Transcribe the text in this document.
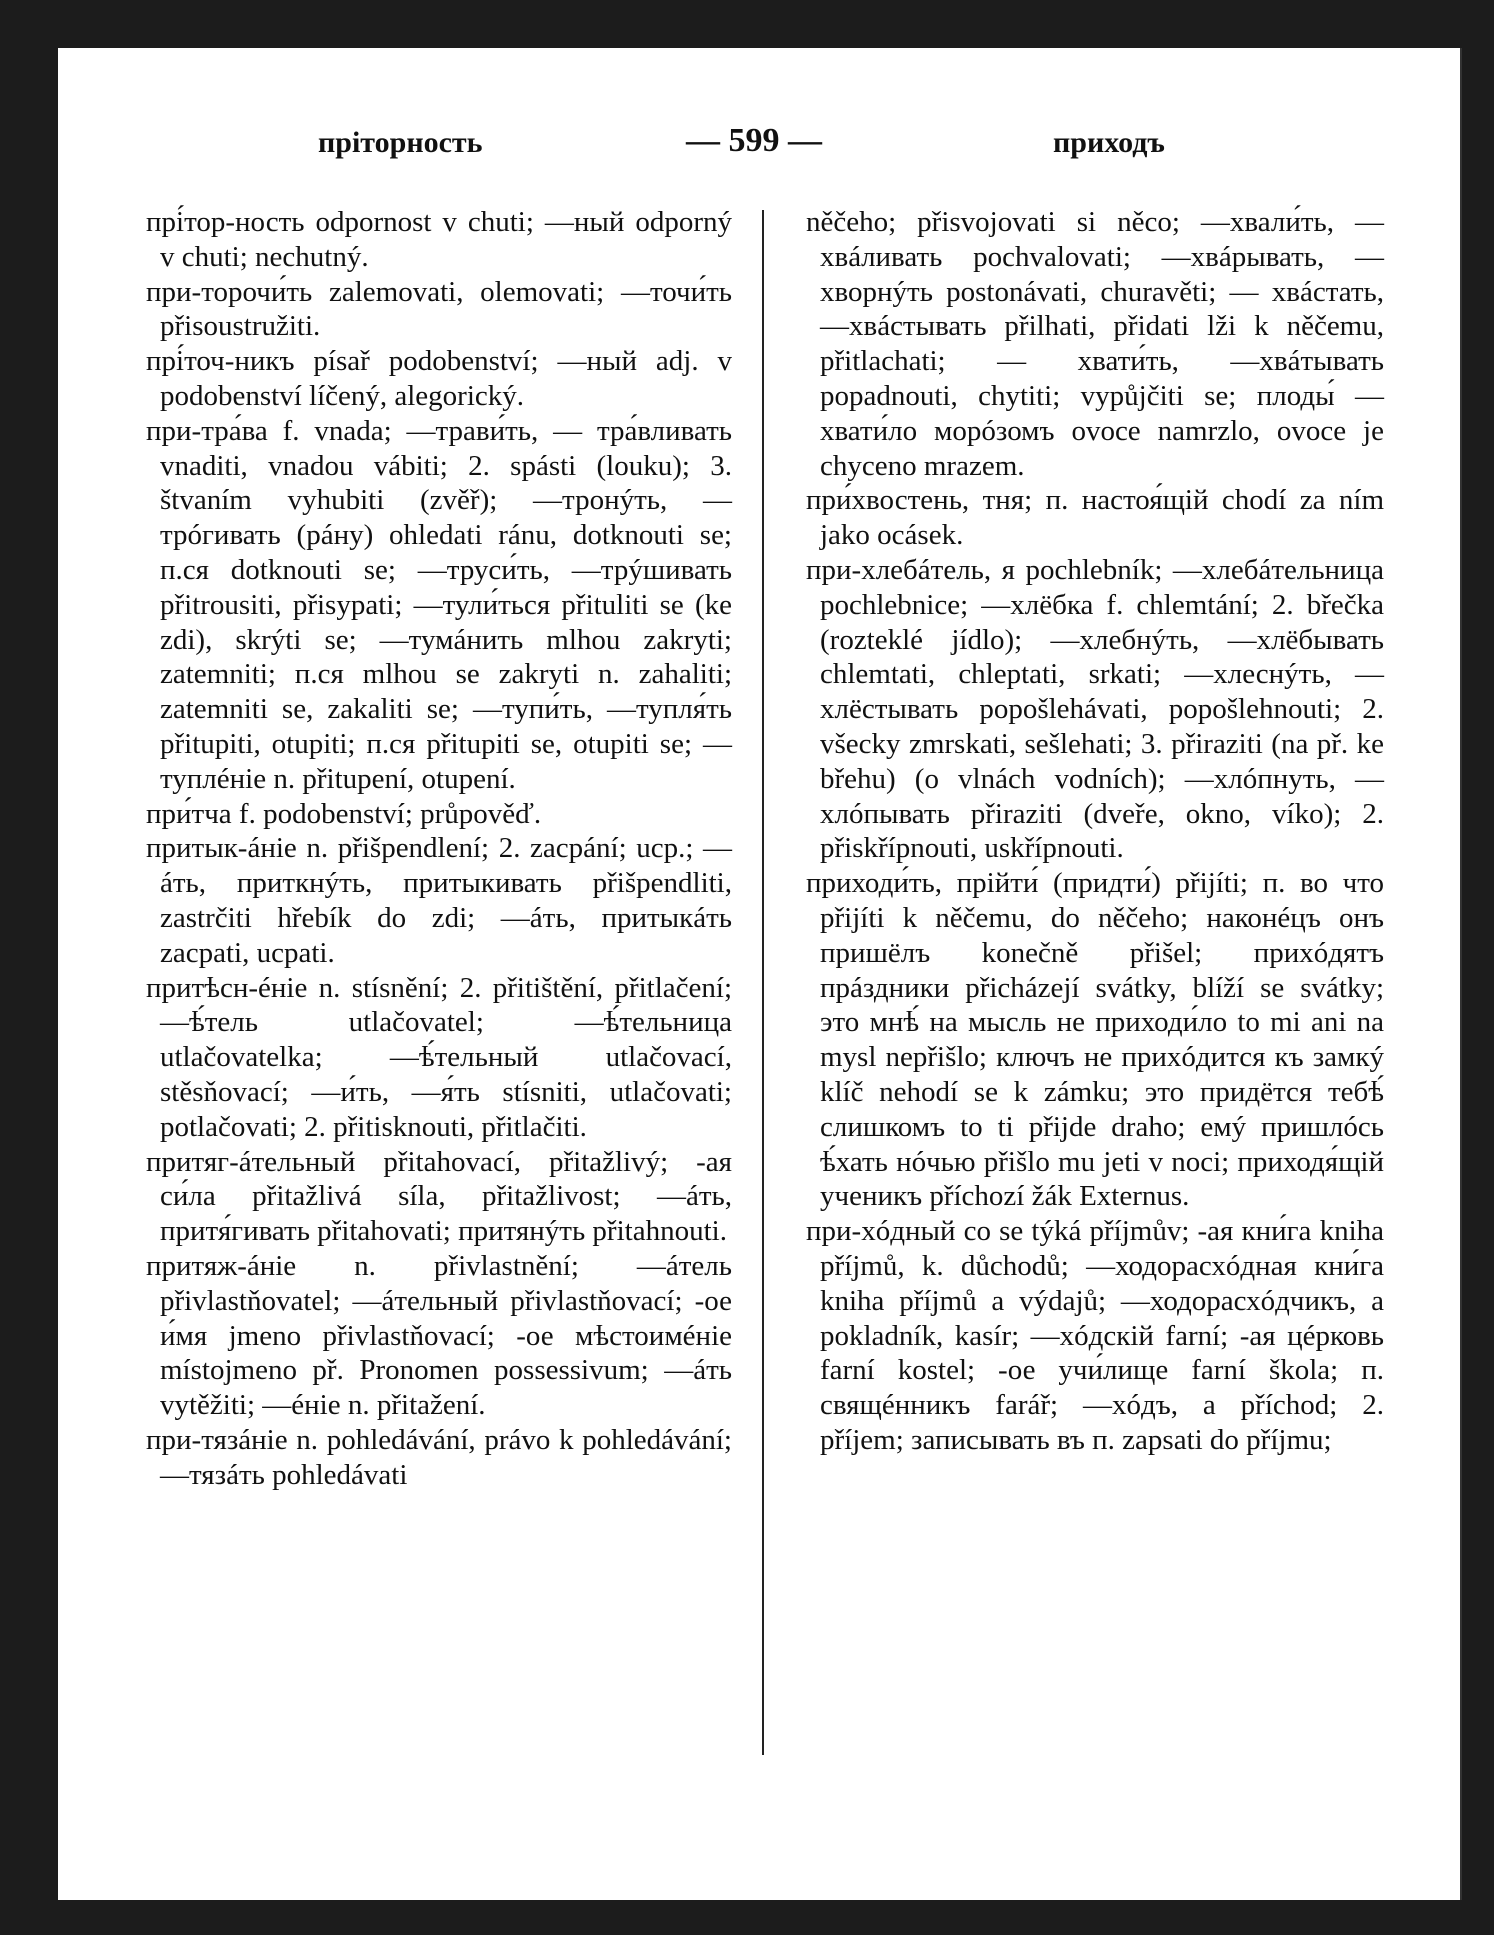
пріторность	— 599 —	приходъ

прі́тор-ность odpornost v chuti; —ный odporný v chuti; nechutný.

при-торочи́ть zalemovati, olemovati; —точи́ть přisoustružiti.

прі́точ-никъ písař podobenství; —ный adj. v podobenství líčený, alegorický.

при-тра́ва f. vnada; —трави́ть, — тра́вливать vnaditi, vnadou vábiti; 2. spásti (louku); 3. štvaním vyhubiti (zvěř); —тронýть, —трóгивать (рáну) ohledati ránu, dotknouti se; п.ся dotknouti se; —труси́ть, —трýшивать přitrousiti, přisypati; —тули́ться přituliti se (ke zdi), skrýti se; —тумáнить mlhou zakryti; zatemniti; п.ся mlhou se zakryti n. zahaliti; zatemniti se, zakaliti se; —тупи́ть, —тупля́ть přitupiti, otupiti; п.ся přitupiti se, otupiti se; —туплéніе n. přitupení, otupení.

при́тча f. podobenství; průpověď.

притык-áніе n. přišpendlení; 2. zacpání; ucp.; —áть, приткнýть, притыкивать přišpendliti, zastrčiti hřebík do zdi; —áть, притыкáть zacpati, ucpati.

притѣсн-éніе n. stísnění; 2. přitištění, přitlačení; —ѣ́тель utlačovatel; —ѣ́тельница utlačovatelka; —ѣ́тельный utlačovací, stěsňovací; —и́ть, —я́ть stísniti, utlačovati; potlačovati; 2. přitisknouti, přitlačiti.

притяг-áтельный přitahovací, přitažlivý; -ая си́ла přitažlivá síla, přitažlivost; —áть, притя́гивать přitahovati; притянýть přitahnouti.

притяж-áніе n. přivlastnění; —áтель přivlastňovatel; —áтельный přivlastňovací; -ое и́мя jmeno přivlastňovací; -ое мѣстоимéніе místojmeno př. Pronomen possessivum; —áть vytěžiti; —éніе n. přitažení.

при-тязáніе n. pohledávání, právo k pohledávání; —тязáть pohledávati

něčeho; přisvojovati si něco; —хвали́ть, —хвáливать pochvalovati; —хвáрывать, —хворнýть postonávati, churavěti; — хвáстать, —хвáстывать přilhati, přidati lži k něčemu, přitlachati; — хвати́ть, —хвáтывать popadnouti, chytiti; vypůjčiti se; плоды́ —хвати́ло морóзомъ ovoce namrzlo, ovoce je chyceno mrazem.

при́хвостень, тня; п. настоя́щій chodí za ním jako ocásek.

при-хлебáтель, я pochlebník; —хлебáтельница pochlebnice; —хлёбка f. chlemtání; 2. břečka (rozteklé jídlo); —хлебнýть, —хлёбывать chlemtati, chleptati, srkati; —хлеснýть, —хлёстывать popošlehávati, popošlehnouti; 2. všecky zmrskati, sešlehati; 3. přiraziti (na př. ke břehu) (o vlnách vodních); —хлóпнуть, — хлóпывать přiraziti (dveře, okno, víko); 2. přiskřípnouti, uskřípnouti.

приходи́ть, прійти́ (придти́) přijíti; п. во что přijíti k něčemu, do něčeho; наконéцъ онъ пришёлъ konečně přišel; прихóдятъ прáздники přicházejí svátky, blíží se svátky; это мнѣ́ на мысль не приходи́ло to mi ani na mysl nepřišlo; ключъ не прихóдится къ замкý klíč nehodí se k zámku; это придётся тебѣ́ слишкомъ to ti přijde draho; емý пришлóсь ѣ́хать нóчью přišlo mu jeti v noci; приходя́щій ученикъ příchozí žák Externus.

при-хóдный co se týká příjmův; -ая кни́га kniha příjmů, k. důchodů; —ходорасхóдная кни́га kniha příjmů a výdajů; —ходорасхóдчикъ, a pokladník, kasír; —хóдскій farní; -ая цéрковь farní kostel; -ое учи́лище farní škola; п. свящéнникъ farář; —хóдъ, a příchod; 2. příjem; записывать въ п. zapsati do příjmu;
